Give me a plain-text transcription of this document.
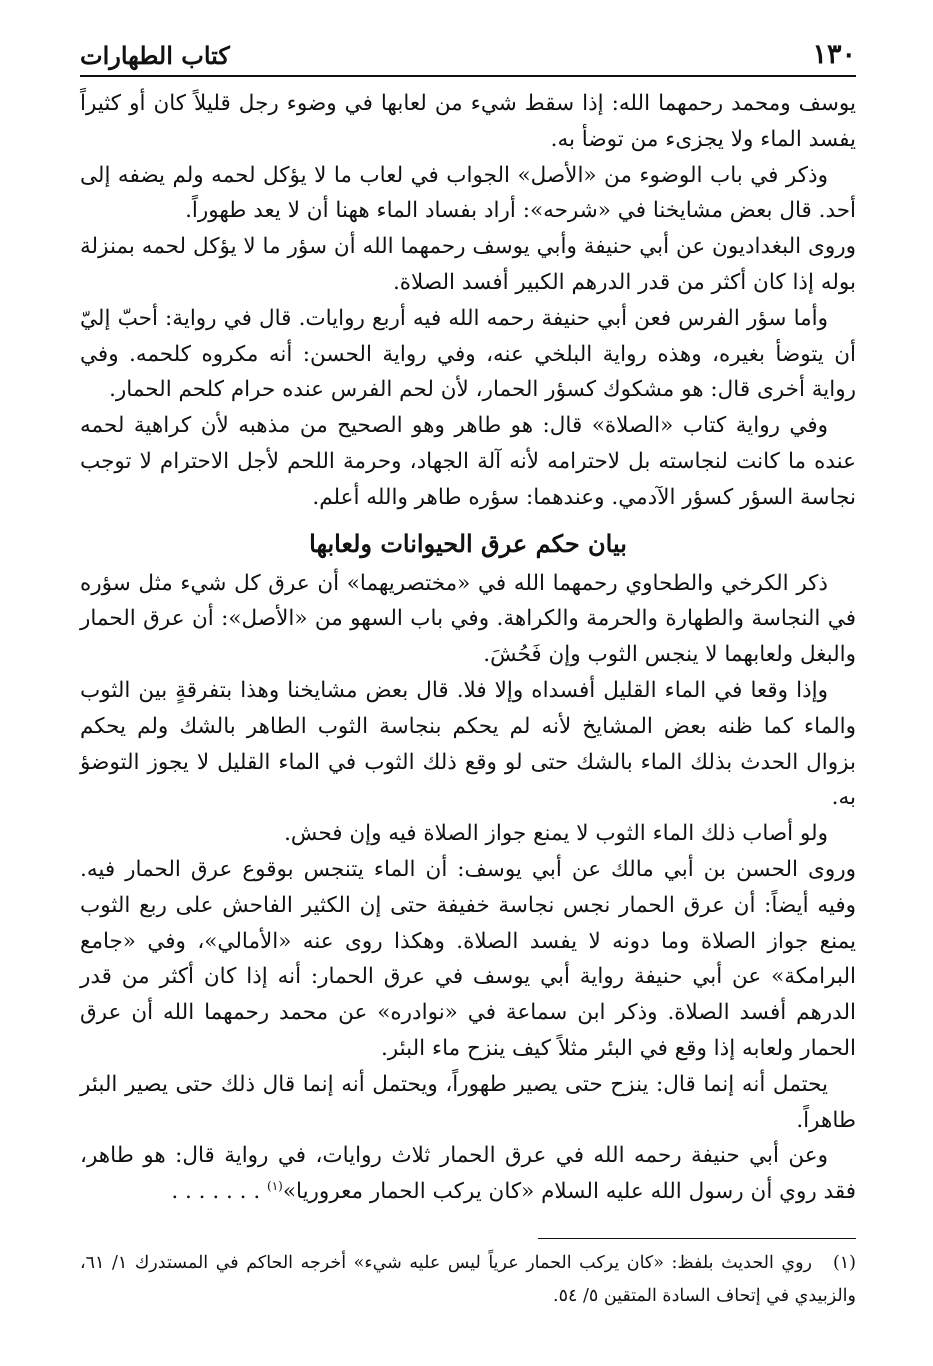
١٣٠
كتاب الطهارات

يوسف ومحمد رحمهما الله: إذا سقط شيء من لعابها في وضوء رجل قليلاً كان أو كثيراً يفسد الماء ولا يجزىء من توضأ به.

وذكر في باب الوضوء من «الأصل» الجواب في لعاب ما لا يؤكل لحمه ولم يضفه إلى أحد. قال بعض مشايخنا في «شرحه»: أراد بفساد الماء ههنا أن لا يعد طهوراً.

وروى البغداديون عن أبي حنيفة وأبي يوسف رحمهما الله أن سؤر ما لا يؤكل لحمه بمنزلة بوله إذا كان أكثر من قدر الدرهم الكبير أفسد الصلاة.

وأما سؤر الفرس فعن أبي حنيفة رحمه الله فيه أربع روايات. قال في رواية: أحبّ إليّ أن يتوضأ بغيره، وهذه رواية البلخي عنه، وفي رواية الحسن: أنه مكروه كلحمه. وفي رواية أخرى قال: هو مشكوك كسؤر الحمار، لأن لحم الفرس عنده حرام كلحم الحمار.

وفي رواية كتاب «الصلاة» قال: هو طاهر وهو الصحيح من مذهبه لأن كراهية لحمه عنده ما كانت لنجاسته بل لاحترامه لأنه آلة الجهاد، وحرمة اللحم لأجل الاحترام لا توجب نجاسة السؤر كسؤر الآدمي. وعندهما: سؤره طاهر والله أعلم.

بيان حكم عرق الحيوانات ولعابها

ذكر الكرخي والطحاوي رحمهما الله في «مختصريهما» أن عرق كل شيء مثل سؤره في النجاسة والطهارة والحرمة والكراهة. وفي باب السهو من «الأصل»: أن عرق الحمار والبغل ولعابهما لا ينجس الثوب وإن فَحُشَ.

وإذا وقعا في الماء القليل أفسداه وإلا فلا. قال بعض مشايخنا وهذا بتفرقةٍ بين الثوب والماء كما ظنه بعض المشايخ لأنه لم يحكم بنجاسة الثوب الطاهر بالشك ولم يحكم بزوال الحدث بذلك الماء بالشك حتى لو وقع ذلك الثوب في الماء القليل لا يجوز التوضؤ به.

ولو أصاب ذلك الماء الثوب لا يمنع جواز الصلاة فيه وإن فحش.

وروى الحسن بن أبي مالك عن أبي يوسف: أن الماء يتنجس بوقوع عرق الحمار فيه. وفيه أيضاً: أن عرق الحمار نجس نجاسة خفيفة حتى إن الكثير الفاحش على ربع الثوب يمنع جواز الصلاة وما دونه لا يفسد الصلاة. وهكذا روى عنه «الأمالي»، وفي «جامع البرامكة» عن أبي حنيفة رواية أبي يوسف في عرق الحمار: أنه إذا كان أكثر من قدر الدرهم أفسد الصلاة. وذكر ابن سماعة في «نوادره» عن محمد رحمهما الله أن عرق الحمار ولعابه إذا وقع في البئر مثلاً كيف ينزح ماء البئر.

يحتمل أنه إنما قال: ينزح حتى يصير طهوراً، ويحتمل أنه إنما قال ذلك حتى يصير البئر طاهراً.

وعن أبي حنيفة رحمه الله في عرق الحمار ثلاث روايات، في رواية قال: هو طاهر، فقد روي أن رسول الله عليه السلام «كان يركب الحمار معروريا»$^{(١)}$ . . . . . . .

(١)روي الحديث بلفظ: «كان يركب الحمار عرياً ليس عليه شيء» أخرجه الحاكم في المستدرك ١/ ٦١، والزبيدي في إتحاف السادة المتقين ٥/ ٥٤.
